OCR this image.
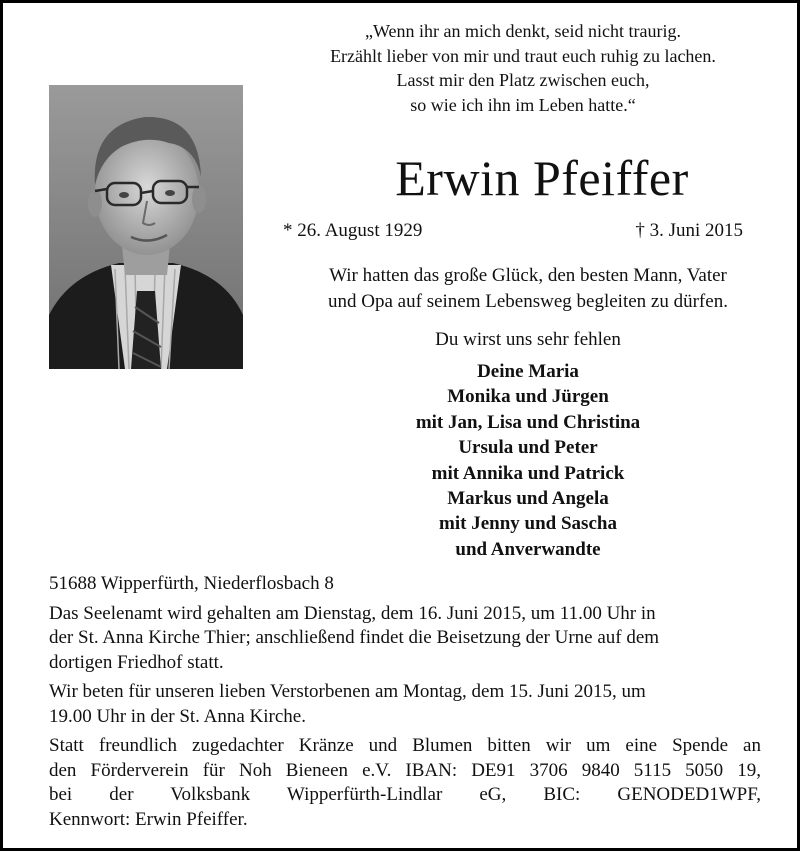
„Wenn ihr an mich denkt, seid nicht traurig.
Erzählt lieber von mir und traut euch ruhig zu lachen.
Lasst mir den Platz zwischen euch,
so wie ich ihn im Leben hatte.“
Erwin Pfeiffer
* 26. August 1929	† 3. Juni 2015
Wir hatten das große Glück, den besten Mann, Vater
und Opa auf seinem Lebensweg begleiten zu dürfen.
Du wirst uns sehr fehlen
Deine Maria
Monika und Jürgen
mit Jan, Lisa und Christina
Ursula und Peter
mit Annika und Patrick
Markus und Angela
mit Jenny und Sascha
und Anverwandte
51688 Wipperfürth, Niederflosbach 8
Das Seelenamt wird gehalten am Dienstag, dem 16. Juni 2015, um 11.00 Uhr in
der St. Anna Kirche Thier; anschließend findet die Beisetzung der Urne auf dem
dortigen Friedhof statt.
Wir beten für unseren lieben Verstorbenen am Montag, dem 15. Juni 2015, um
19.00 Uhr in der St. Anna Kirche.
Statt freundlich zugedachter Kränze und Blumen bitten wir um eine Spende an
den Förderverein für Noh Bieneen e.V. IBAN: DE91 3706 9840 5115 5050 19,
bei der Volksbank Wipperfürth-Lindlar eG, BIC: GENODED1WPF,
Kennwort: Erwin Pfeiffer.
